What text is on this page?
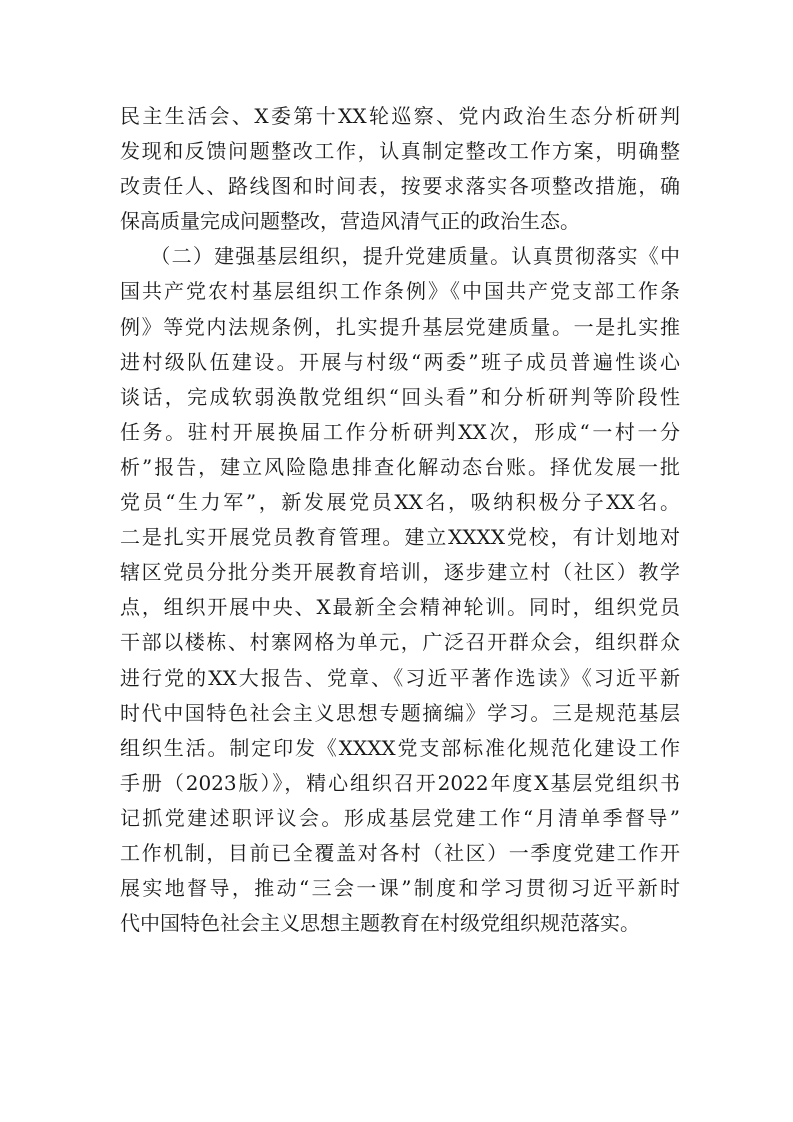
民主生活会、X委第十XX轮巡察、党内政治生态分析研判
发现和反馈问题整改工作，认真制定整改工作方案，明确整
改责任人、路线图和时间表，按要求落实各项整改措施，确
保高质量完成问题整改，营造风清气正的政治生态。
（二）建强基层组织，提升党建质量。认真贯彻落实《中
国共产党农村基层组织工作条例》《中国共产党支部工作条
例》等党内法规条例，扎实提升基层党建质量。一是扎实推
进村级队伍建设。开展与村级“两委”班子成员普遍性谈心
谈话，完成软弱涣散党组织“回头看”和分析研判等阶段性
任务。驻村开展换届工作分析研判XX次，形成“一村一分
析”报告，建立风险隐患排查化解动态台账。择优发展一批
党员“生力军”，新发展党员XX名，吸纳积极分子XX名。
二是扎实开展党员教育管理。建立XXXX党校，有计划地对
辖区党员分批分类开展教育培训，逐步建立村（社区）教学
点，组织开展中央、X最新全会精神轮训。同时，组织党员
干部以楼栋、村寨网格为单元，广泛召开群众会，组织群众
进行党的XX大报告、党章、《习近平著作选读》《习近平新
时代中国特色社会主义思想专题摘编》学习。三是规范基层
组织生活。制定印发《XXXX党支部标准化规范化建设工作
手册（2023版）》，精心组织召开2022年度X基层党组织书
记抓党建述职评议会。形成基层党建工作“月清单季督导”
工作机制，目前已全覆盖对各村（社区）一季度党建工作开
展实地督导，推动“三会一课”制度和学习贯彻习近平新时
代中国特色社会主义思想主题教育在村级党组织规范落实。
